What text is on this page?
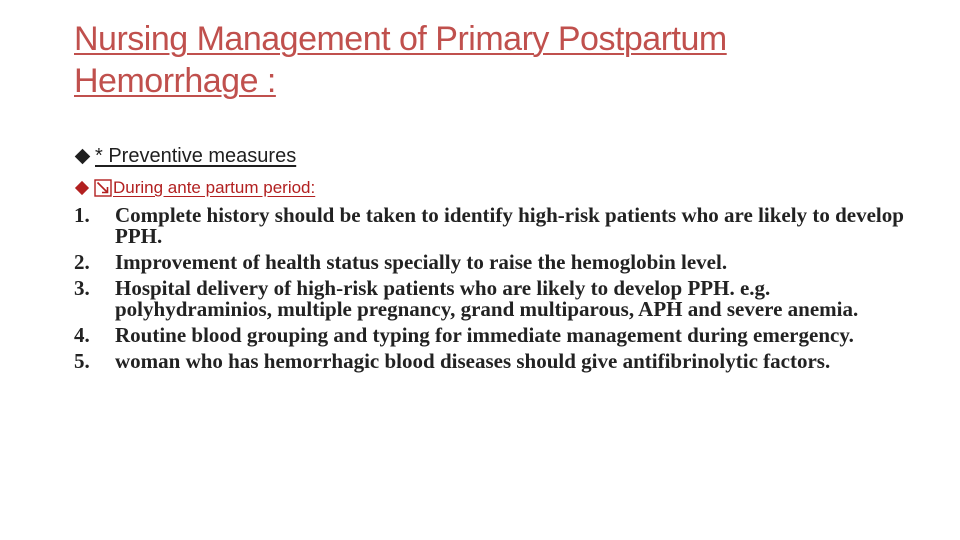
Nursing Management of Primary Postpartum Hemorrhage :
* Preventive measures
During ante partum period:
1.	Complete history should be taken to identify high-risk patients who are likely to develop PPH.
2.	Improvement of health status specially to raise the hemoglobin level.
3.	Hospital delivery of high-risk patients who are likely to develop PPH. e.g. polyhydraminios, multiple pregnancy, grand multiparous, APH and severe anemia.
4.	Routine blood grouping and typing for immediate management during emergency.
5.	woman who has hemorrhagic blood diseases should give antifibrinolytic factors.
